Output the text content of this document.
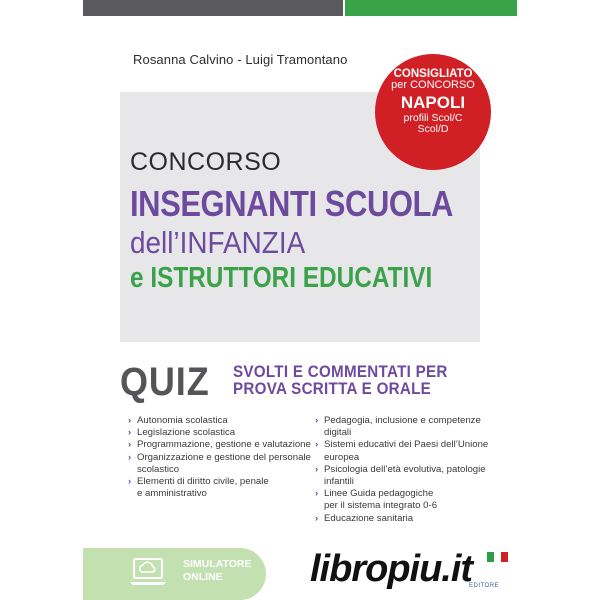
Rosanna Calvino - Luigi Tramontano
CONSIGLIATO
per CONCORSO
NAPOLI
profili Scol/C
Scol/D
CONCORSO
INSEGNANTI SCUOLA
dell’INFANZIA
e ISTRUTTORI EDUCATIVI
QUIZ SVOLTI E COMMENTATI PER
PROVA SCRITTA E ORALE
› Autonomia scolastica
› Legislazione scolastica
› Programmazione, gestione e valutazione
› Organizzazione e gestione del personale
scolastico
› Elementi di diritto civile, penale
e amministrativo
› Pedagogia, inclusione e competenze
digitali
› Sistemi educativi dei Paesi dell’Unione
europea
› Psicologia dell’età evolutiva, patologie
infantili
› Linee Guida pedagogiche
per il sistema integrato 0-6
› Educazione sanitaria
SIMULATORE
ONLINE	libropiu.it
EDITORE
